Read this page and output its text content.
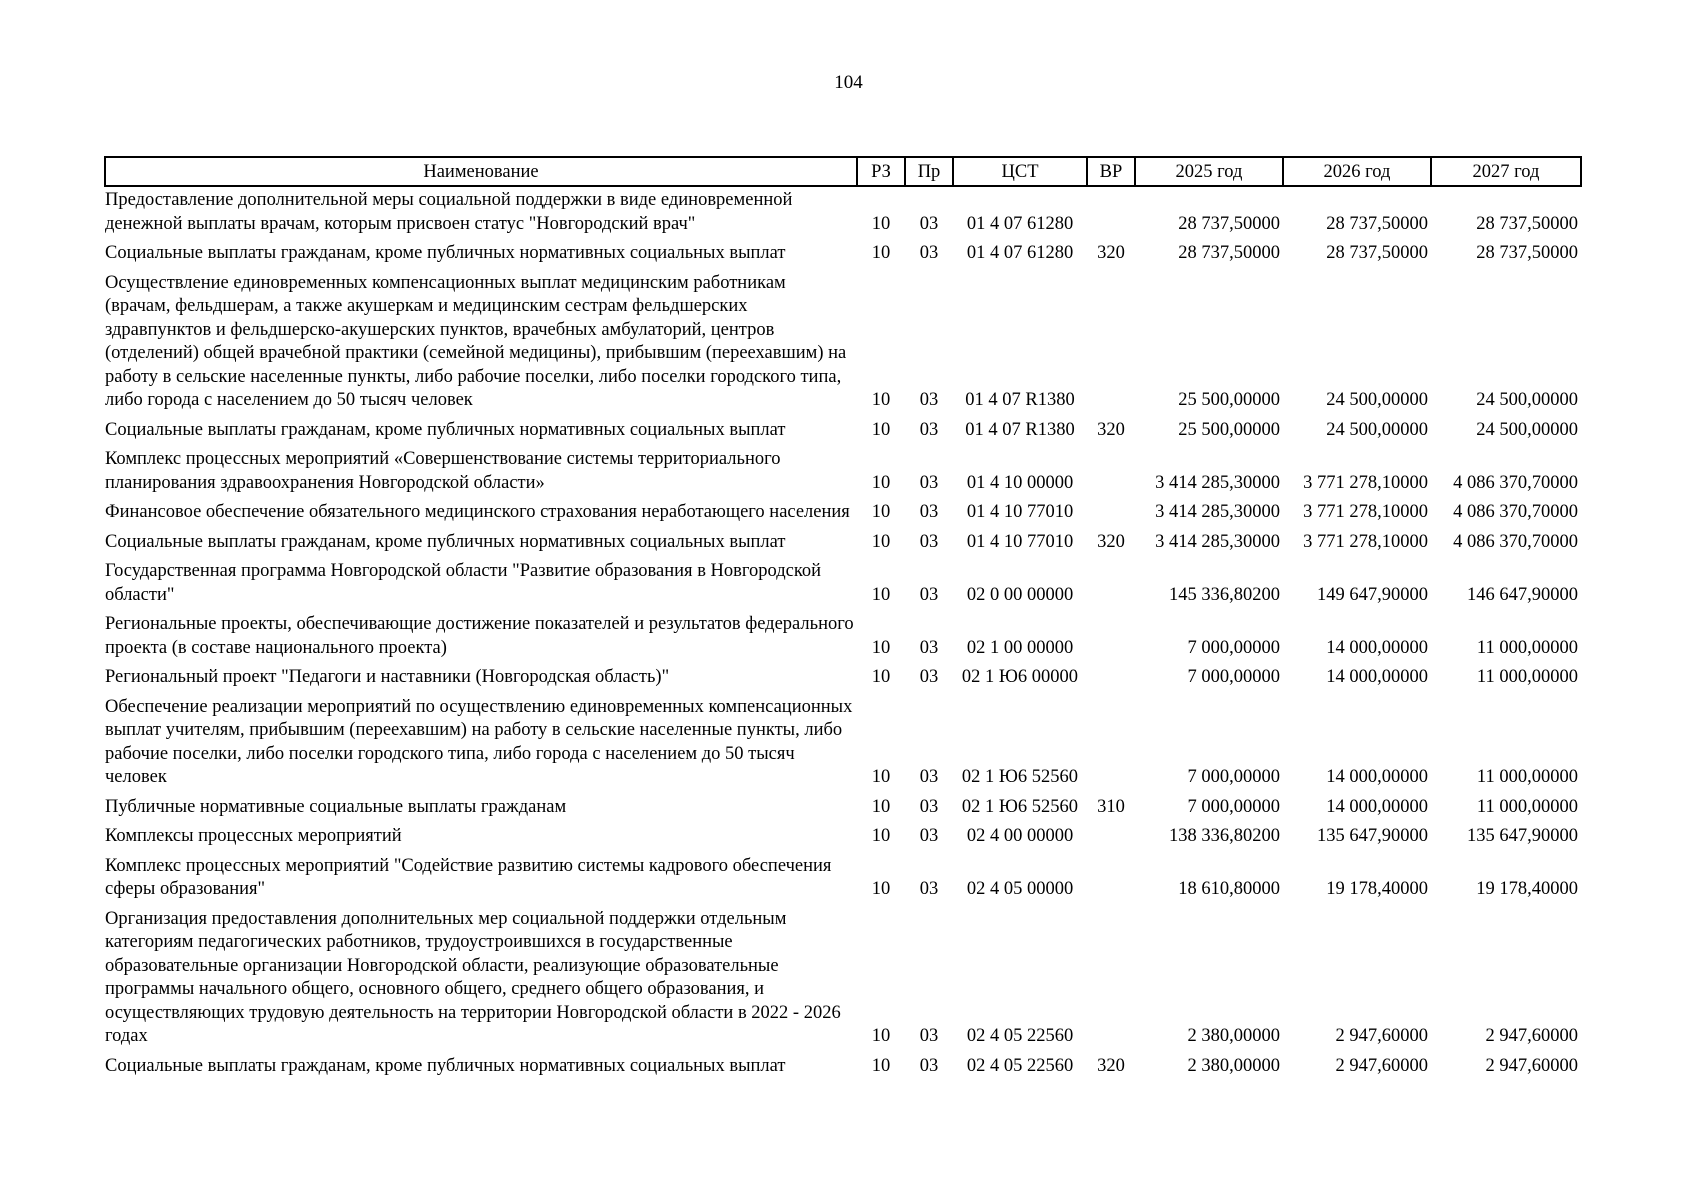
104
Наименование	РЗ	Пр	ЦСТ	ВР	2025 год	2026 год	2027 год
Предоставление дополнительной меры социальной поддержки в виде единовременной денежной выплаты врачам, которым присвоен статус "Новгородский врач"	10	03	01 4 07 61280		28 737,50000	28 737,50000	28 737,50000
Социальные выплаты гражданам, кроме публичных нормативных социальных выплат	10	03	01 4 07 61280	320	28 737,50000	28 737,50000	28 737,50000
Осуществление единовременных компенсационных выплат медицинским работникам (врачам, фельдшерам, а также акушеркам и медицинским сестрам фельдшерских здравпунктов и фельдшерско-акушерских пунктов, врачебных амбулаторий, центров (отделений) общей врачебной практики (семейной медицины), прибывшим (переехавшим) на работу в сельские населенные пункты, либо рабочие поселки, либо поселки городского типа, либо города с населением до 50 тысяч человек	10	03	01 4 07 R1380		25 500,00000	24 500,00000	24 500,00000
Социальные выплаты гражданам, кроме публичных нормативных социальных выплат	10	03	01 4 07 R1380	320	25 500,00000	24 500,00000	24 500,00000
Комплекс процессных мероприятий «Совершенствование системы территориального планирования здравоохранения Новгородской области»	10	03	01 4 10 00000		3 414 285,30000	3 771 278,10000	4 086 370,70000
Финансовое обеспечение обязательного медицинского страхования неработающего населения	10	03	01 4 10 77010		3 414 285,30000	3 771 278,10000	4 086 370,70000
Социальные выплаты гражданам, кроме публичных нормативных социальных выплат	10	03	01 4 10 77010	320	3 414 285,30000	3 771 278,10000	4 086 370,70000
Государственная программа Новгородской области "Развитие образования в Новгородской области"	10	03	02 0 00 00000		145 336,80200	149 647,90000	146 647,90000
Региональные проекты, обеспечивающие достижение показателей и результатов федерального проекта (в составе национального проекта)	10	03	02 1 00 00000		7 000,00000	14 000,00000	11 000,00000
Региональный проект "Педагоги и наставники (Новгородская область)"	10	03	02 1 Ю6 00000		7 000,00000	14 000,00000	11 000,00000
Обеспечение реализации мероприятий по осуществлению единовременных компенсационных выплат учителям, прибывшим (переехавшим) на работу в сельские населенные пункты, либо рабочие поселки, либо поселки городского типа, либо города с населением до 50 тысяч человек	10	03	02 1 Ю6 52560		7 000,00000	14 000,00000	11 000,00000
Публичные нормативные социальные выплаты гражданам	10	03	02 1 Ю6 52560	310	7 000,00000	14 000,00000	11 000,00000
Комплексы процессных мероприятий	10	03	02 4 00 00000		138 336,80200	135 647,90000	135 647,90000
Комплекс процессных мероприятий "Содействие развитию системы кадрового обеспечения сферы образования"	10	03	02 4 05 00000		18 610,80000	19 178,40000	19 178,40000
Организация предоставления дополнительных мер социальной поддержки отдельным категориям педагогических работников, трудоустроившихся в государственные образовательные организации Новгородской области, реализующие образовательные программы начального общего, основного общего, среднего общего образования, и осуществляющих трудовую деятельность на территории Новгородской области в 2022 - 2026 годах	10	03	02 4 05 22560		2 380,00000	2 947,60000	2 947,60000
Социальные выплаты гражданам, кроме публичных нормативных социальных выплат	10	03	02 4 05 22560	320	2 380,00000	2 947,60000	2 947,60000
